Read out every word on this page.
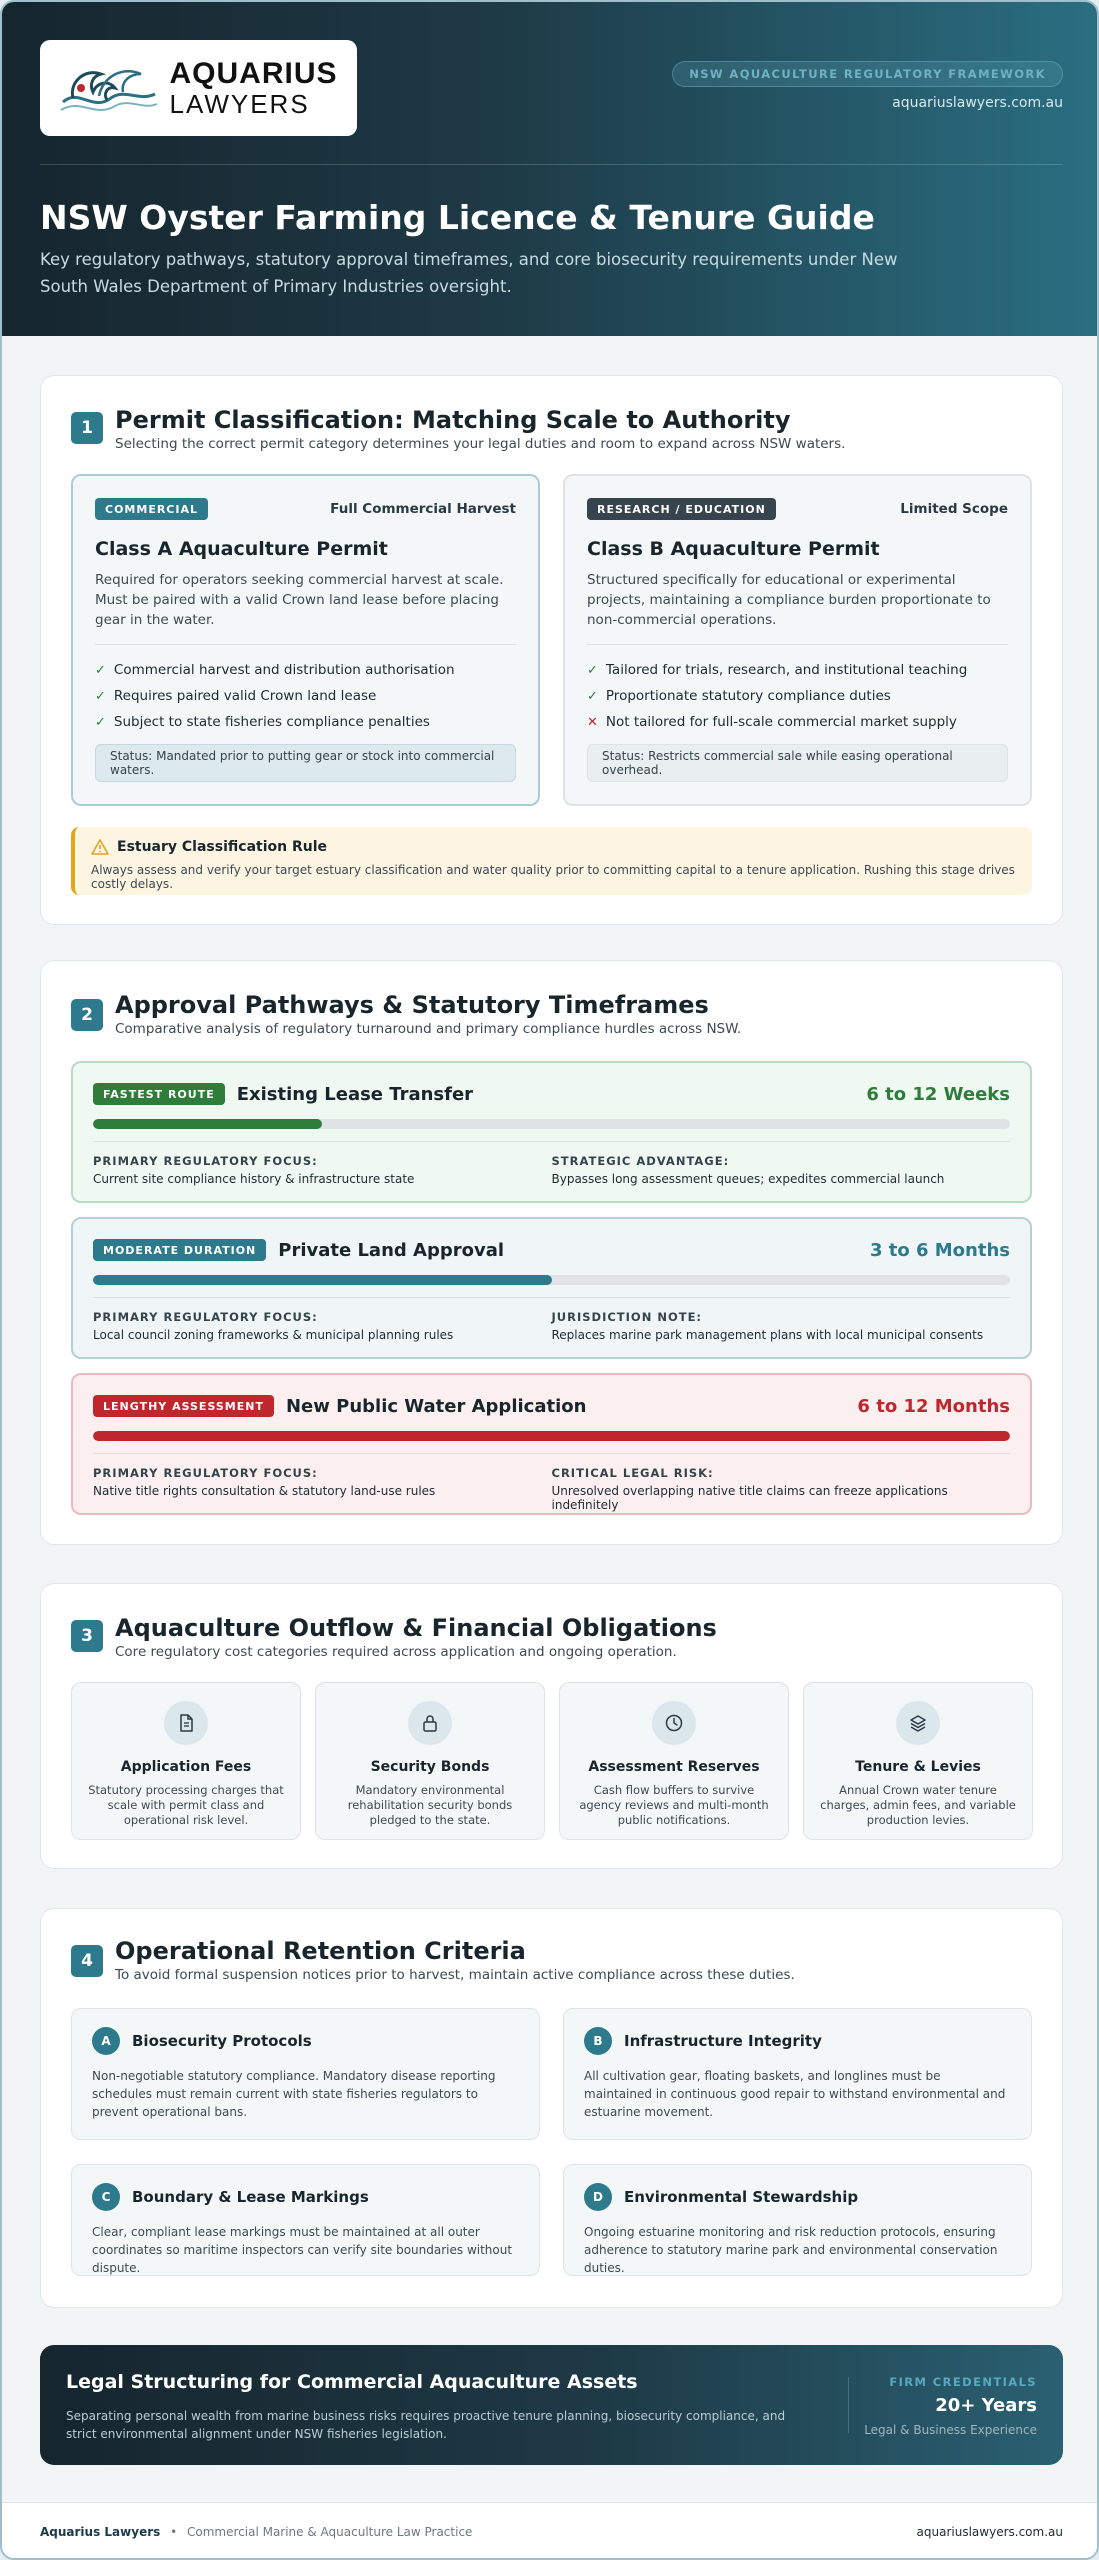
AQUARIUS
LAWYERS
NSW AQUACULTURE REGULATORY FRAMEWORK
aquariuslawyers.com.au
NSW Oyster Farming Licence & Tenure Guide

Key regulatory pathways, statutory approval timeframes, and core biosecurity requirements under New South Wales Department of Primary Industries oversight.

1 Permit Classification: Matching Scale to Authority
Selecting the correct permit category determines your legal duties and room to expand across NSW waters.
COMMERCIAL	Full Commercial Harvest
Class A Aquaculture Permit

Required for operators seeking commercial harvest at scale. Must be paired with a valid Crown land lease before placing gear in the water.

✓ Commercial harvest and distribution authorisation
✓ Requires paired valid Crown land lease
✓ Subject to state fisheries compliance penalties
Status: Mandated prior to putting gear or stock into commercial waters.
RESEARCH / EDUCATION	Limited Scope
Class B Aquaculture Permit

Structured specifically for educational or experimental projects, maintaining a compliance burden proportionate to non-commercial operations.

✓ Tailored for trials, research, and institutional teaching
✓ Proportionate statutory compliance duties
✕ Not tailored for full-scale commercial market supply
Status: Restricts commercial sale while easing operational overhead.
Estuary Classification Rule
Always assess and verify your target estuary classification and water quality prior to committing capital to a tenure application. Rushing this stage drives costly delays.
2 Approval Pathways & Statutory Timeframes
Comparative analysis of regulatory turnaround and primary compliance hurdles across NSW.
FASTEST ROUTE	Existing Lease Transfer	6 to 12 Weeks
PRIMARY REGULATORY FOCUS:
Current site compliance history & infrastructure state
STRATEGIC ADVANTAGE:
Bypasses long assessment queues; expedites commercial launch
MODERATE DURATION	Private Land Approval	3 to 6 Months
PRIMARY REGULATORY FOCUS:
Local council zoning frameworks & municipal planning rules
JURISDICTION NOTE:
Replaces marine park management plans with local municipal consents
LENGTHY ASSESSMENT	New Public Water Application	6 to 12 Months
PRIMARY REGULATORY FOCUS:
Native title rights consultation & statutory land-use rules
CRITICAL LEGAL RISK:
Unresolved overlapping native title claims can freeze applications indefinitely
3 Aquaculture Outflow & Financial Obligations
Core regulatory cost categories required across application and ongoing operation.
Application Fees

Statutory processing charges that scale with permit class and operational risk level.

Security Bonds

Mandatory environmental rehabilitation security bonds pledged to the state.

Assessment Reserves

Cash flow buffers to survive agency reviews and multi-month public notifications.

Tenure & Levies

Annual Crown water tenure charges, admin fees, and variable production levies.

4 Operational Retention Criteria
To avoid formal suspension notices prior to harvest, maintain active compliance across these duties.
A	Biosecurity Protocols

Non-negotiable statutory compliance. Mandatory disease reporting schedules must remain current with state fisheries regulators to prevent operational bans.

B	Infrastructure Integrity

All cultivation gear, floating baskets, and longlines must be maintained in continuous good repair to withstand environmental and estuarine movement.

C	Boundary & Lease Markings

Clear, compliant lease markings must be maintained at all outer coordinates so maritime inspectors can verify site boundaries without dispute.

D	Environmental Stewardship

Ongoing estuarine monitoring and risk reduction protocols, ensuring adherence to statutory marine park and environmental conservation duties.

Legal Structuring for Commercial Aquaculture Assets
Separating personal wealth from marine business risks requires proactive tenure planning, biosecurity compliance, and strict environmental alignment under NSW fisheries legislation.
FIRM CREDENTIALS
20+ Years
Legal & Business Experience
Aquarius Lawyers • Commercial Marine & Aquaculture Law Practice	aquariuslawyers.com.au
